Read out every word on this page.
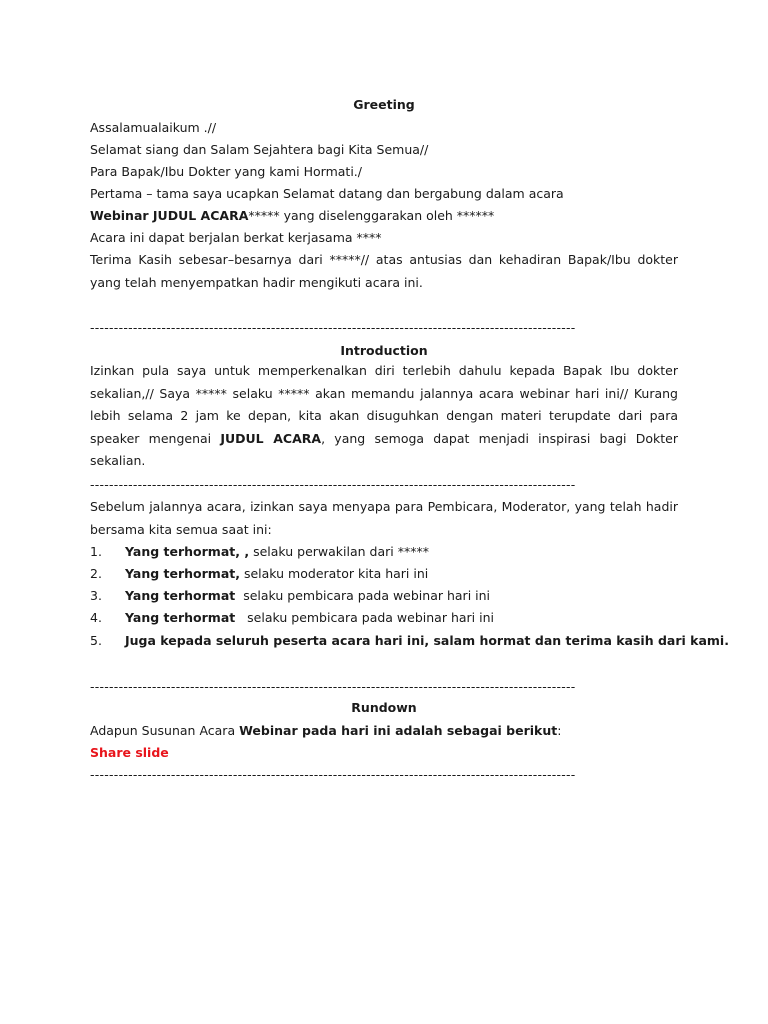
Greeting

Assalamualaikum .//

Selamat siang dan Salam Sejahtera bagi Kita Semua//

Para Bapak/Ibu Dokter yang kami Hormati./

Pertama – tama saya ucapkan Selamat datang dan bergabung dalam acara

Webinar JUDUL ACARA***** yang diselenggarakan oleh ******

Acara ini dapat berjalan berkat kerjasama ****

Terima Kasih sebesar–besarnya dari *****// atas antusias dan kehadiran Bapak/Ibu dokter yang telah menyempatkan hadir mengikuti acara ini.

------------------------------------------------------------------------------------------------------

Introduction

Izinkan pula saya untuk memperkenalkan diri terlebih dahulu kepada Bapak Ibu dokter sekalian,// Saya ***** selaku ***** akan memandu jalannya acara webinar hari ini// Kurang lebih selama 2 jam ke depan, kita akan disuguhkan dengan materi terupdate dari para speaker mengenai JUDUL ACARA, yang semoga dapat menjadi inspirasi bagi Dokter sekalian.

------------------------------------------------------------------------------------------------------

Sebelum jalannya acara, izinkan saya menyapa para Pembicara, Moderator, yang telah hadir bersama kita semua saat ini:

1. Yang terhormat, , selaku perwakilan dari *****
2. Yang terhormat, selaku moderator kita hari ini
3. Yang terhormat  selaku pembicara pada webinar hari ini
4. Yang terhormat   selaku pembicara pada webinar hari ini
5. Juga kepada seluruh peserta acara hari ini, salam hormat dan terima kasih dari kami.

------------------------------------------------------------------------------------------------------

Rundown

Adapun Susunan Acara Webinar pada hari ini adalah sebagai berikut:

Share slide

------------------------------------------------------------------------------------------------------
